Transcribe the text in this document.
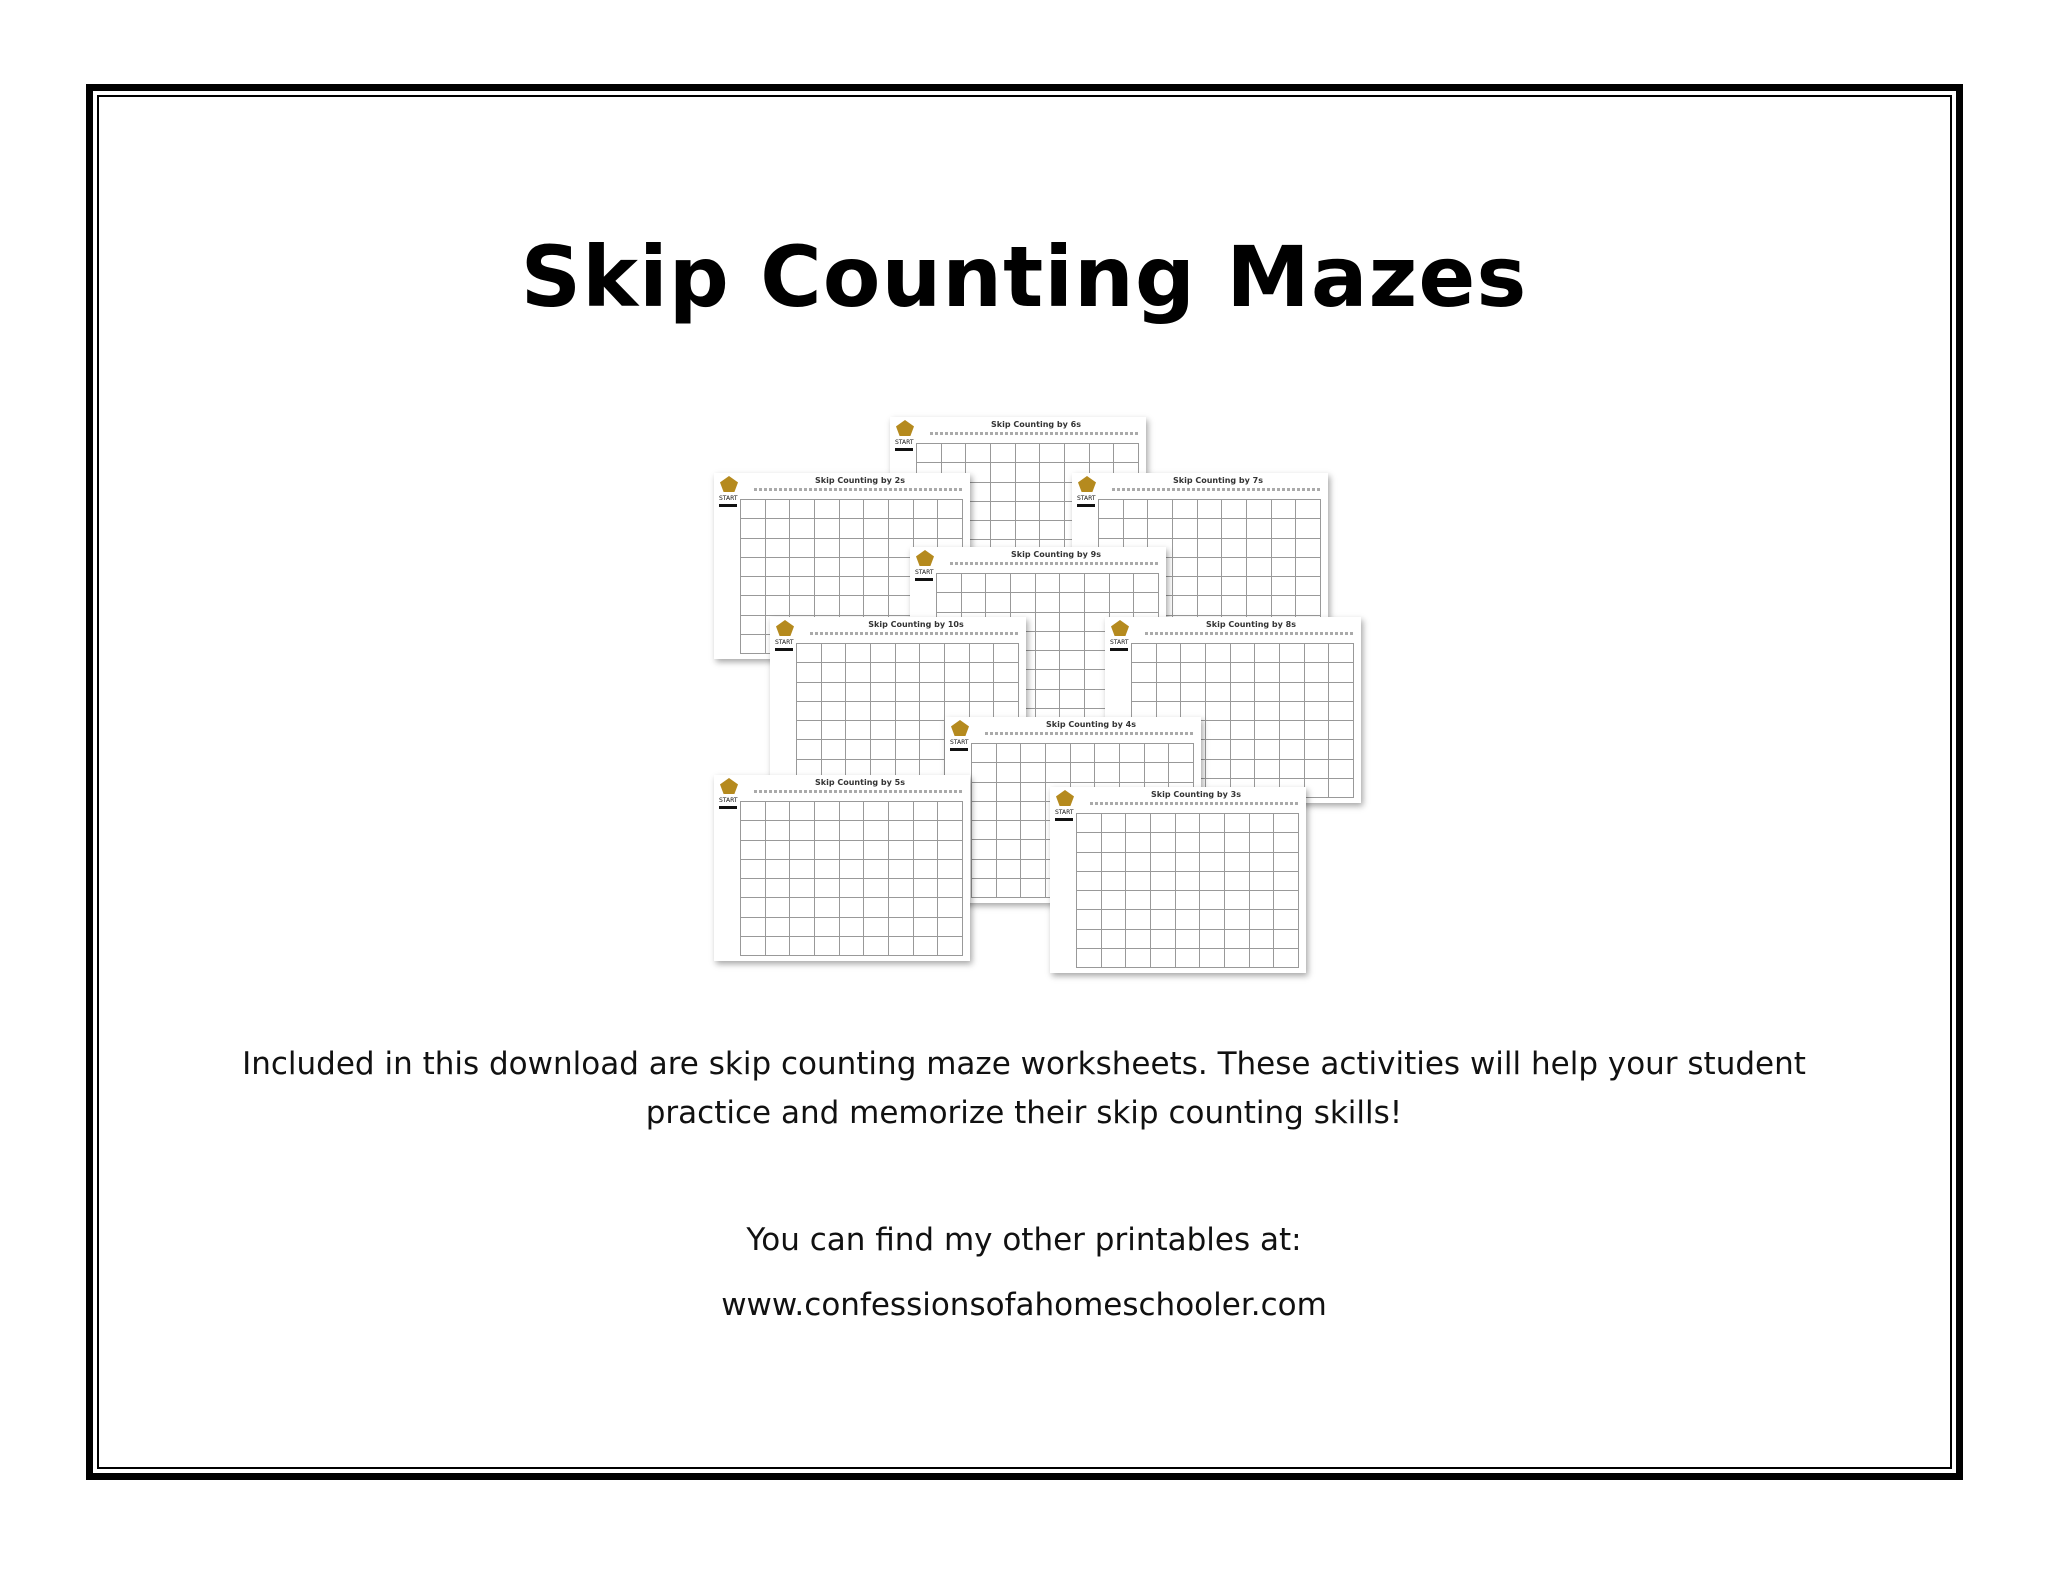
Skip Counting Mazes
Skip Counting by 6s
START
Skip Counting by 2s
START
Skip Counting by 7s
START
Skip Counting by 9s
START
Skip Counting by 10s
START
Skip Counting by 8s
START
Skip Counting by 4s
START
Skip Counting by 5s
START
Skip Counting by 3s
START
Included in this download are skip counting maze worksheets. These activities will help your student practice and memorize their skip counting skills!
You can find my other printables at:
www.confessionsofahomeschooler.com
